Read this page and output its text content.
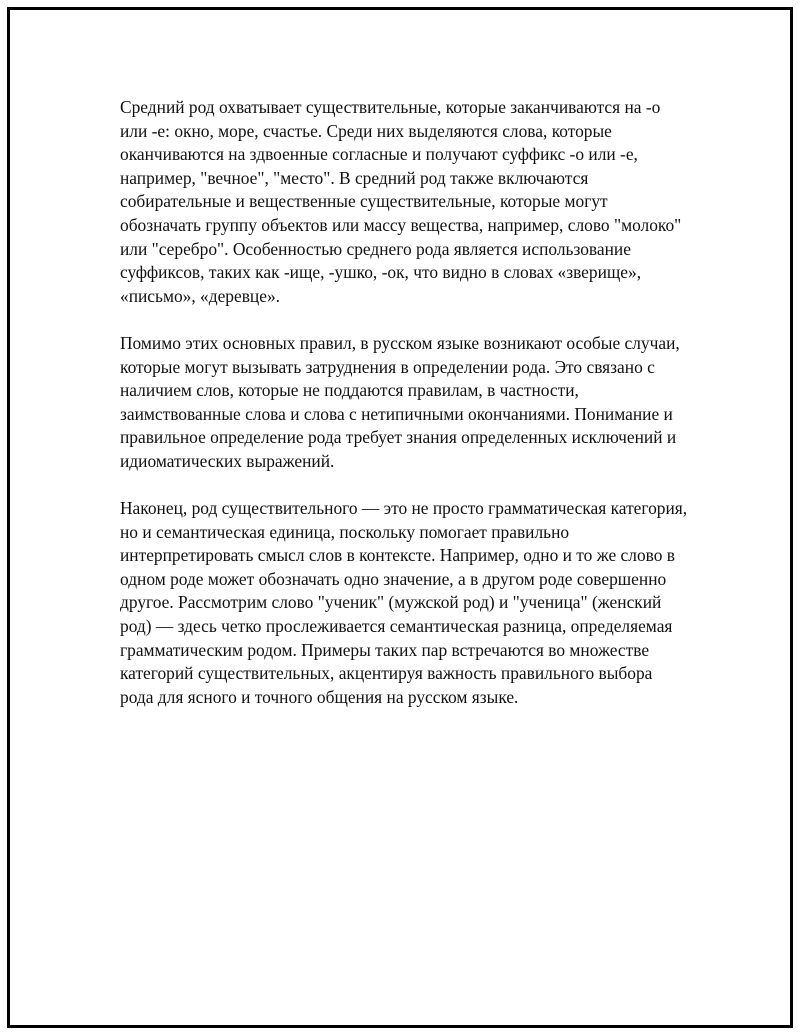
Средний род охватывает существительные, которые заканчиваются на -о или -е: окно, море, счастье. Среди них выделяются слова, которые оканчиваются на здвоенные согласные и получают суффикс -о или -е, например, "вечное", "место". В средний род также включаются собирательные и вещественные существительные, которые могут обозначать группу объектов или массу вещества, например, слово "молоко" или "серебро". Особенностью среднего рода является использование суффиксов, таких как -ище, -ушко, -ок, что видно в словах «зверище», «письмо», «деревце».

Помимо этих основных правил, в русском языке возникают особые случаи, которые могут вызывать затруднения в определении рода. Это связано с наличием слов, которые не поддаются правилам, в частности, заимствованные слова и слова с нетипичными окончаниями. Понимание и правильное определение рода требует знания определенных исключений и идиоматических выражений.

Наконец, род существительного — это не просто грамматическая категория, но и семантическая единица, поскольку помогает правильно интерпретировать смысл слов в контексте. Например, одно и то же слово в одном роде может обозначать одно значение, а в другом роде совершенно другое. Рассмотрим слово "ученик" (мужской род) и "ученица" (женский род) — здесь четко прослеживается семантическая разница, определяемая грамматическим родом. Примеры таких пар встречаются во множестве категорий существительных, акцентируя важность правильного выбора рода для ясного и точного общения на русском языке.
